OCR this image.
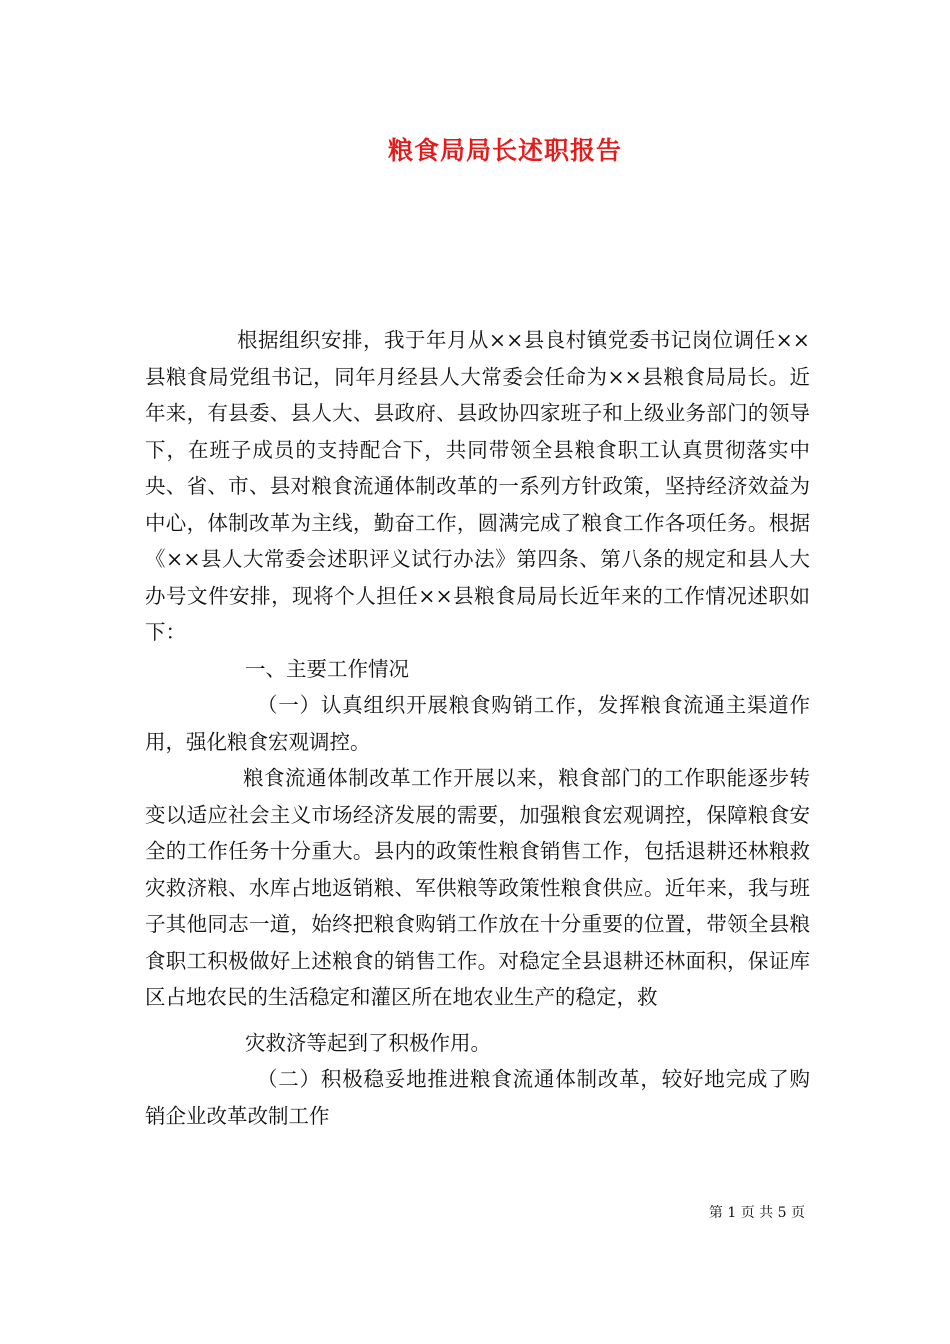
粮食局局长述职报告

根据组织安排，我于年月从××县良村镇党委书记岗位调任××县粮食局党组书记，同年月经县人大常委会任命为××县粮食局局长。近年来，有县委、县人大、县政府、县政协四家班子和上级业务部门的领导下，在班子成员的支持配合下，共同带领全县粮食职工认真贯彻落实中央、省、市、县对粮食流通体制改革的一系列方针政策，坚持经济效益为中心，体制改革为主线，勤奋工作，圆满完成了粮食工作各项任务。根据《××县人大常委会述职评义试行办法》第四条、第八条的规定和县人大办号文件安排，现将个人担任××县粮食局局长近年来的工作情况述职如下：

一、主要工作情况

（一）认真组织开展粮食购销工作，发挥粮食流通主渠道作用，强化粮食宏观调控。

粮食流通体制改革工作开展以来，粮食部门的工作职能逐步转变以适应社会主义市场经济发展的需要，加强粮食宏观调控，保障粮食安全的工作任务十分重大。县内的政策性粮食销售工作，包括退耕还林粮救灾救济粮、水库占地返销粮、军供粮等政策性粮食供应。近年来，我与班子其他同志一道，始终把粮食购销工作放在十分重要的位置，带领全县粮食职工积极做好上述粮食的销售工作。对稳定全县退耕还林面积，保证库区占地农民的生活稳定和灌区所在地农业生产的稳定，救

灾救济等起到了积极作用。

（二）积极稳妥地推进粮食流通体制改革，较好地完成了购销企业改革改制工作

第 1 页 共 5 页
